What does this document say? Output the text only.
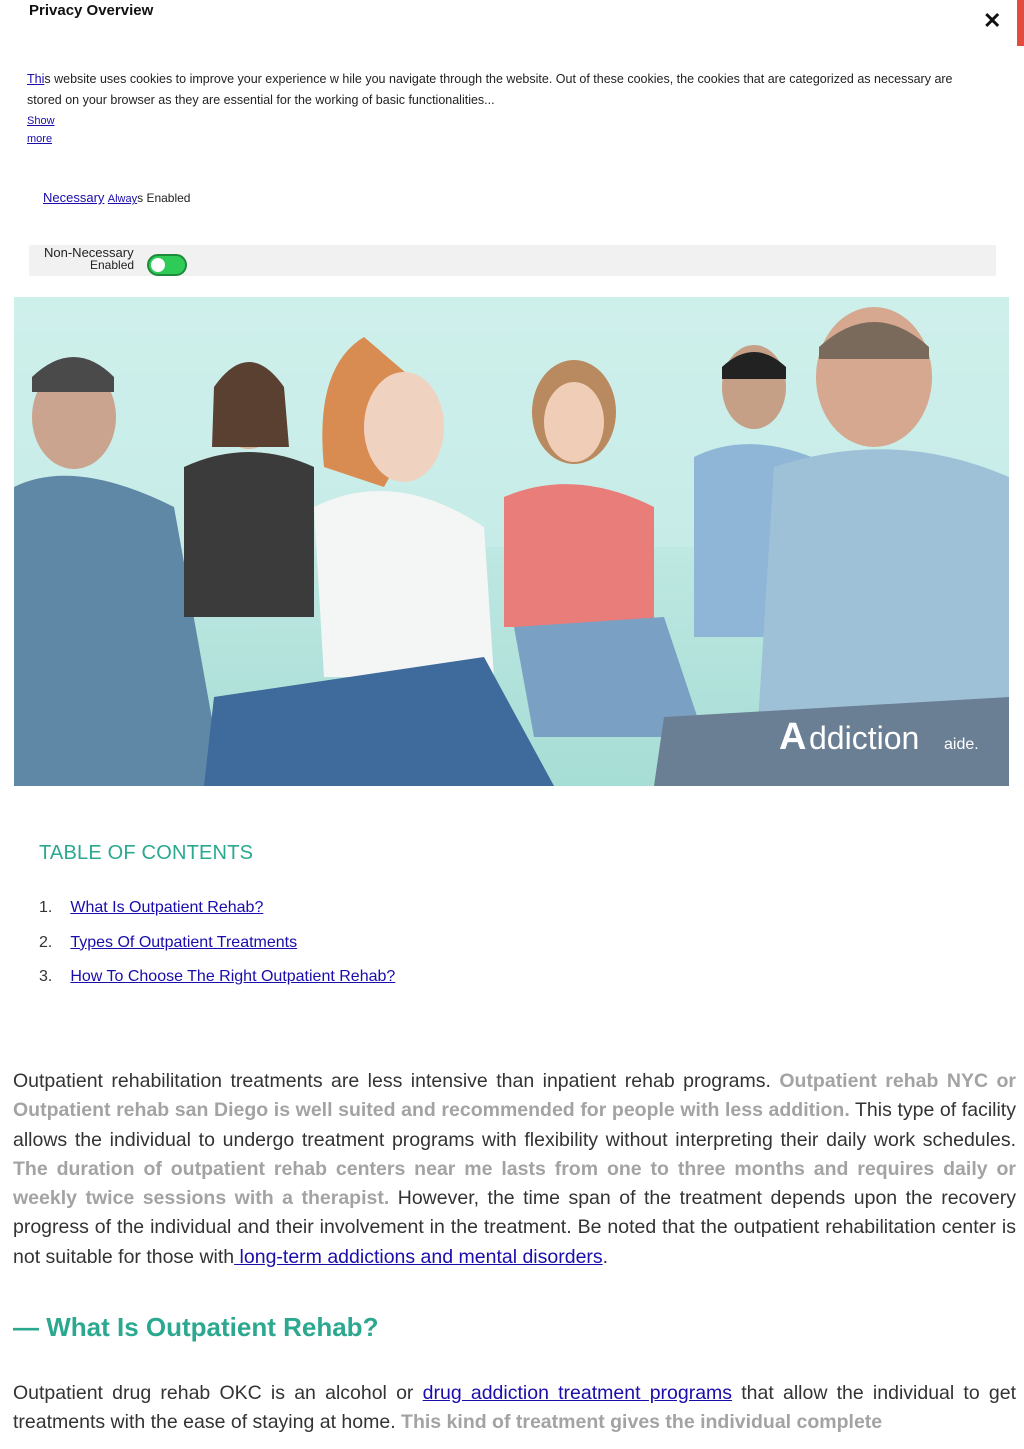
Privacy Overview	✕

This website uses cookies to improve your experience w hile you navigate through the website. Out of these cookies, the cookies that are categorized as necessary are stored on your browser as they are essential for the working of basic functionalities...

Show
more
Necessary Always Enabled
Non-Necessary
Enabled
A ddiction aide.
TABLE OF CONTENTS
1. What Is Outpatient Rehab?
2. Types Of Outpatient Treatments
3. How To Choose The Right Outpatient Rehab?

Outpatient rehabilitation treatments are less intensive than inpatient rehab programs. Outpatient rehab NYC or Outpatient rehab san Diego is well suited and recommended for people with less addition. This type of facility allows the individual to undergo treatment programs with flexibility without interpreting their daily work schedules. The duration of outpatient rehab centers near me lasts from one to three months and requires daily or weekly twice sessions with a therapist. However, the time span of the treatment depends upon the recovery progress of the individual and their involvement in the treatment. Be noted that the outpatient rehabilitation center is not suitable for those with long-term addictions and mental disorders.

— What Is Outpatient Rehab?

Outpatient drug rehab OKC is an alcohol or drug addiction treatment programs that allow the individual to get treatments with the ease of staying at home. This kind of treatment gives the individual complete
